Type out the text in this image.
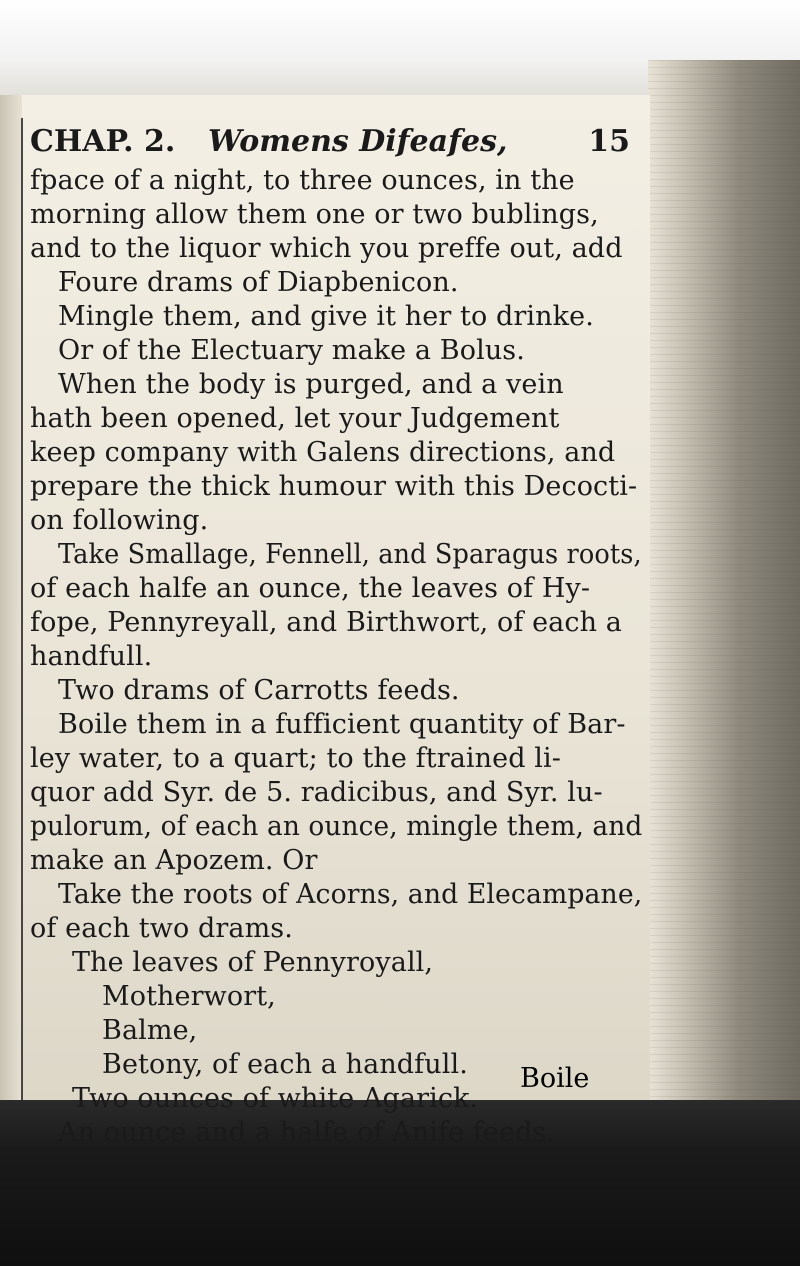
CHAP. 2. Womens Difeafes,	15
fpace of a night, to three ounces, in the
morning allow them one or two bublings,
and to the liquor which you preffe out, add
Foure drams of Diapbenicon.
Mingle them, and give it her to drinke.
Or of the Electuary make a Bolus.
When the body is purged, and a vein
hath been opened, let your Judgement
keep company with Galens directions, and
prepare the thick humour with this Decocti-
on following.
Take Smallage, Fennell, and Sparagus roots,
of each halfe an ounce, the leaves of Hy-
fope, Pennyreyall, and Birthwort, of each a
handfull.
Two drams of Carrotts feeds.
Boile them in a fufficient quantity of Bar-
ley water, to a quart; to the ftrained li-
quor add Syr. de 5. radicibus, and Syr. lu-
pulorum, of each an ounce, mingle them, and
make an Apozem. Or
Take the roots of Acorns, and Elecampane,
of each two drams.
The leaves of Pennyroyall,
Motherwort,
Balme,
Betony, of each a handfull.
Two ounces of white Agarick.
An ounce and a halfe of Anife feeds.
Boile
